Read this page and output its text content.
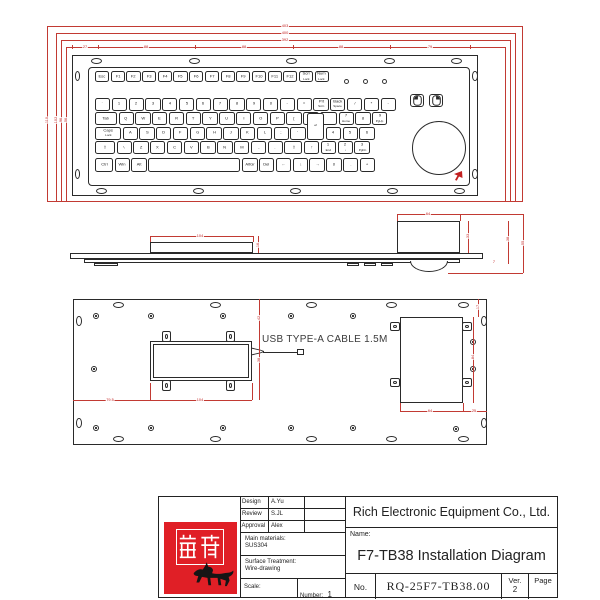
403
400
392
27	88	88	88	79
110 102 96 56
Esc F1 F2 F3 F4 F5 F6 F7 F8 F9 F10 F11 F12
Scrl
Lock
Num
Lock
` 1 2 3 4 5 6 7 8 9 0 - =
Prt
Scrn
Back
Space
/ * -
Tab Q W E R T Y U I O P [
7
Home
8
9
PgUp
Caps
Lock
A S D F G H J K L ; '
↵
4 5 6
⇧ \ Z X C V B N M , . ⇧ ↑
1
End
2
↓
3
PgDn
Ctrl Win Alt	AltGr Del ← ↓ → 0 . +
104
16
64
33
38
55
7
USB TYPE-A CABLE 1.5M
79.5	104
42
38
64	25
84
17
Design	A.Yu
Review	S.JL
Approval Alex
Main materials:
SUS304
Surface Treatment:
Wire-drawing
Scale:
Number: 1
Rich Electronic Equipment Co., Ltd.
Name:
F7-TB38 Installation Diagram
No.	RQ-25F7-TB38.00	Ver.
2
Page
